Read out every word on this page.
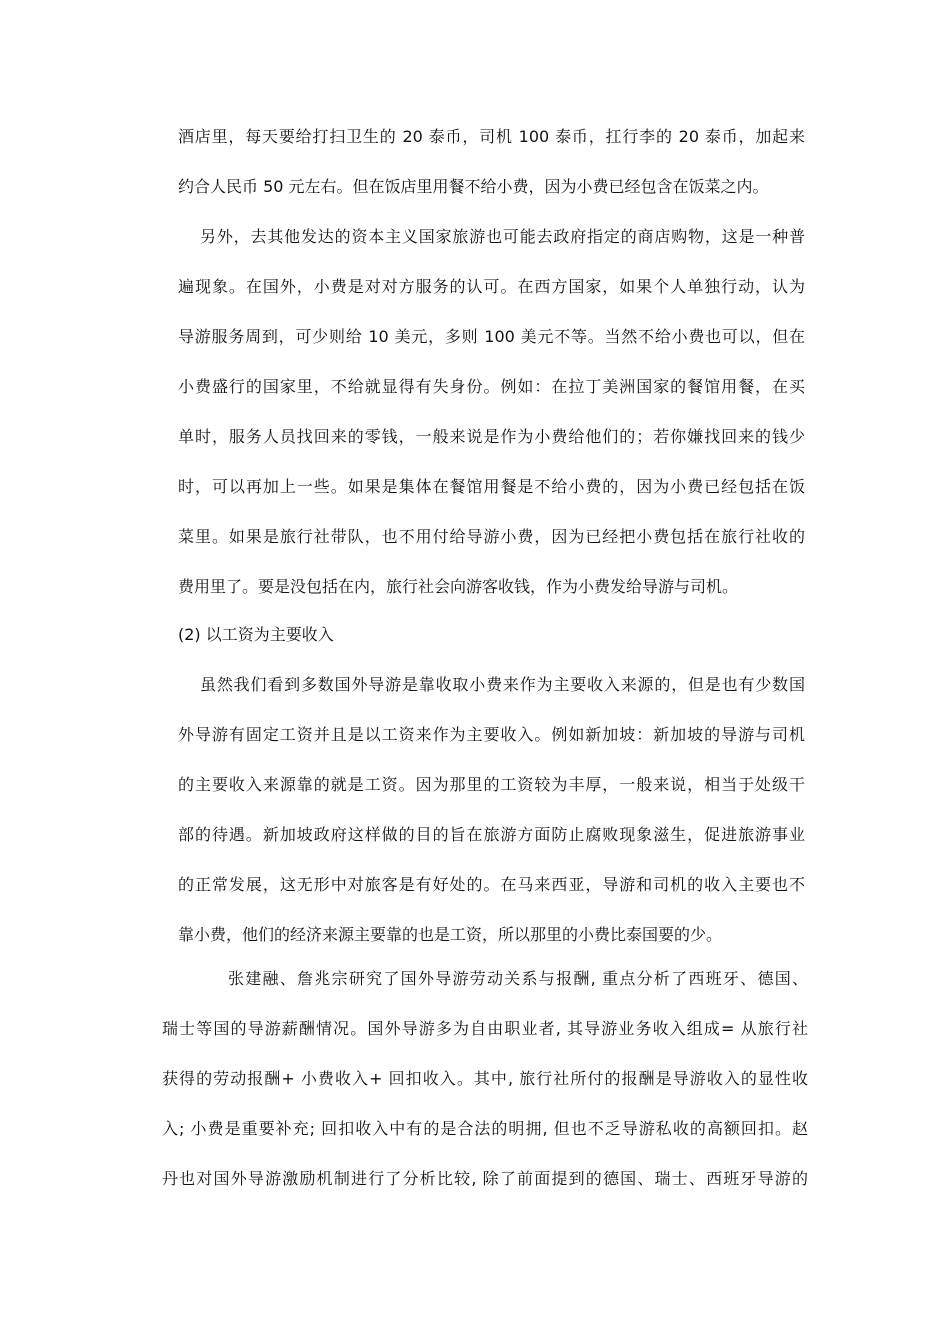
酒店里，每天要给打扫卫生的 20 泰币，司机 100 泰币，扛行李的 20 泰币，加起来
约合人民币 50 元左右。但在饭店里用餐不给小费，因为小费已经包含在饭菜之内。
另外，去其他发达的资本主义国家旅游也可能去政府指定的商店购物，这是一种普
遍现象。在国外，小费是对对方服务的认可。在西方国家，如果个人单独行动，认为
导游服务周到，可少则给 10 美元，多则 100 美元不等。当然不给小费也可以，但在
小费盛行的国家里，不给就显得有失身份。例如：在拉丁美洲国家的餐馆用餐，在买
单时，服务人员找回来的零钱，一般来说是作为小费给他们的；若你嫌找回来的钱少
时，可以再加上一些。如果是集体在餐馆用餐是不给小费的，因为小费已经包括在饭
菜里。如果是旅行社带队，也不用付给导游小费，因为已经把小费包括在旅行社收的
费用里了。要是没包括在内，旅行社会向游客收钱，作为小费发给导游与司机。
(2) 以工资为主要收入
虽然我们看到多数国外导游是靠收取小费来作为主要收入来源的，但是也有少数国
外导游有固定工资并且是以工资来作为主要收入。例如新加坡：新加坡的导游与司机
的主要收入来源靠的就是工资。因为那里的工资较为丰厚，一般来说，相当于处级干
部的待遇。新加坡政府这样做的目的旨在旅游方面防止腐败现象滋生，促进旅游事业
的正常发展，这无形中对旅客是有好处的。在马来西亚，导游和司机的收入主要也不
靠小费，他们的经济来源主要靠的也是工资，所以那里的小费比泰国要的少。
张建融、詹兆宗研究了国外导游劳动关系与报酬, 重点分析了西班牙、德国、
瑞士等国的导游薪酬情况。国外导游多为自由职业者, 其导游业务收入组成= 从旅行社
获得的劳动报酬+ 小费收入+ 回扣收入。其中, 旅行社所付的报酬是导游收入的显性收
入; 小费是重要补充; 回扣收入中有的是合法的明拥, 但也不乏导游私收的高额回扣。赵
丹也对国外导游激励机制进行了分析比较, 除了前面提到的德国、瑞士、西班牙导游的
